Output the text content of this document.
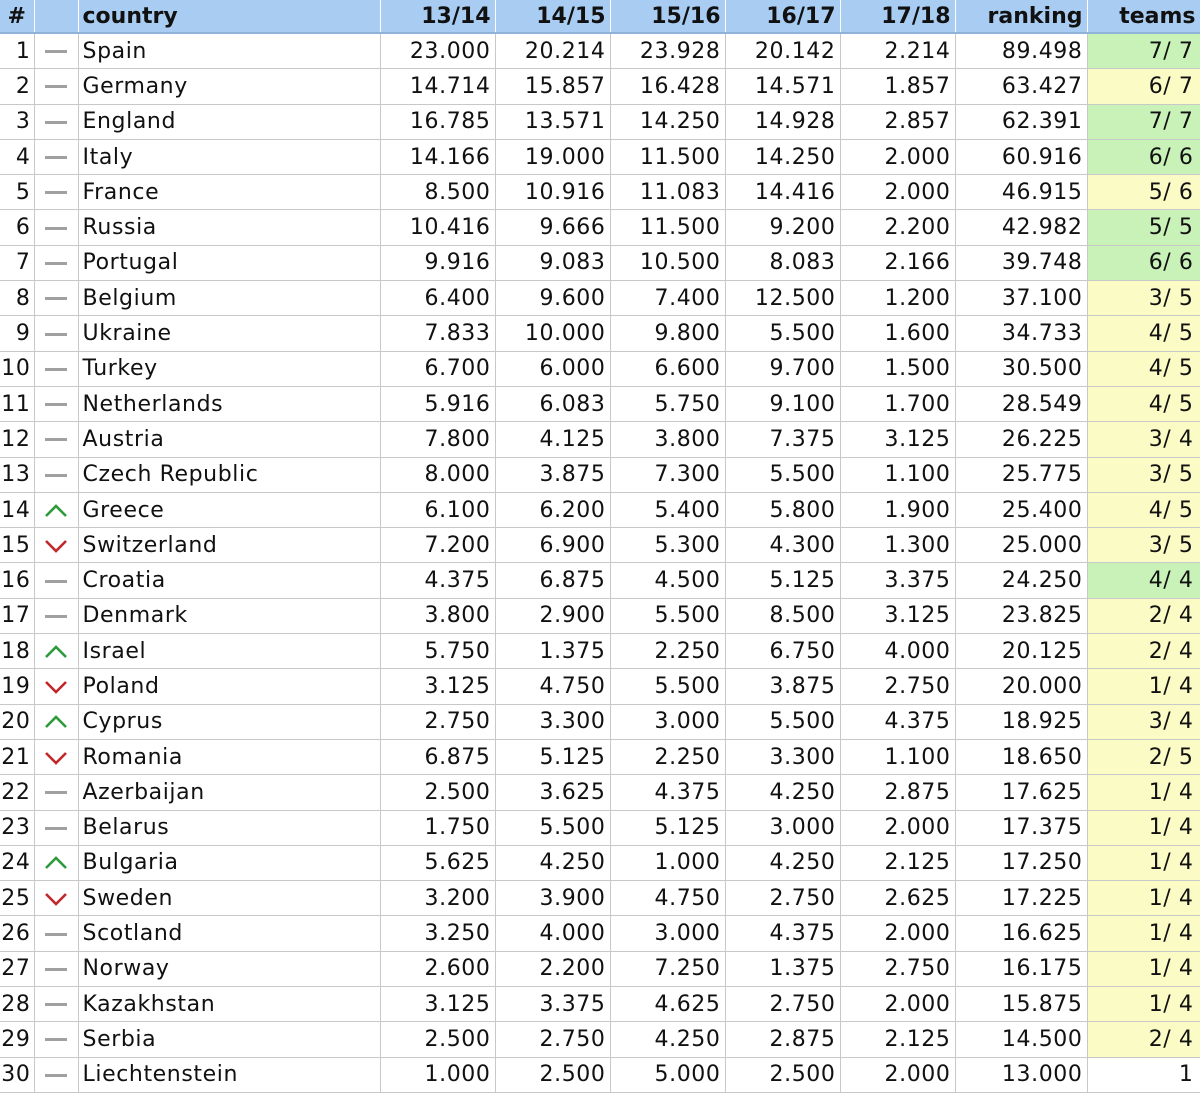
#		country	13/14	14/15	15/16	16/17	17/18	ranking	teams
1		Spain	23.000	20.214	23.928	20.142	2.214	89.498	7/ 7
2		Germany	14.714	15.857	16.428	14.571	1.857	63.427	6/ 7
3		England	16.785	13.571	14.250	14.928	2.857	62.391	7/ 7
4		Italy	14.166	19.000	11.500	14.250	2.000	60.916	6/ 6
5		France	8.500	10.916	11.083	14.416	2.000	46.915	5/ 6
6		Russia	10.416	9.666	11.500	9.200	2.200	42.982	5/ 5
7		Portugal	9.916	9.083	10.500	8.083	2.166	39.748	6/ 6
8		Belgium	6.400	9.600	7.400	12.500	1.200	37.100	3/ 5
9		Ukraine	7.833	10.000	9.800	5.500	1.600	34.733	4/ 5
10		Turkey	6.700	6.000	6.600	9.700	1.500	30.500	4/ 5
11		Netherlands	5.916	6.083	5.750	9.100	1.700	28.549	4/ 5
12		Austria	7.800	4.125	3.800	7.375	3.125	26.225	3/ 4
13		Czech Republic	8.000	3.875	7.300	5.500	1.100	25.775	3/ 5
14		Greece	6.100	6.200	5.400	5.800	1.900	25.400	4/ 5
15		Switzerland	7.200	6.900	5.300	4.300	1.300	25.000	3/ 5
16		Croatia	4.375	6.875	4.500	5.125	3.375	24.250	4/ 4
17		Denmark	3.800	2.900	5.500	8.500	3.125	23.825	2/ 4
18		Israel	5.750	1.375	2.250	6.750	4.000	20.125	2/ 4
19		Poland	3.125	4.750	5.500	3.875	2.750	20.000	1/ 4
20		Cyprus	2.750	3.300	3.000	5.500	4.375	18.925	3/ 4
21		Romania	6.875	5.125	2.250	3.300	1.100	18.650	2/ 5
22		Azerbaijan	2.500	3.625	4.375	4.250	2.875	17.625	1/ 4
23		Belarus	1.750	5.500	5.125	3.000	2.000	17.375	1/ 4
24		Bulgaria	5.625	4.250	1.000	4.250	2.125	17.250	1/ 4
25		Sweden	3.200	3.900	4.750	2.750	2.625	17.225	1/ 4
26		Scotland	3.250	4.000	3.000	4.375	2.000	16.625	1/ 4
27		Norway	2.600	2.200	7.250	1.375	2.750	16.175	1/ 4
28		Kazakhstan	3.125	3.375	4.625	2.750	2.000	15.875	1/ 4
29		Serbia	2.500	2.750	4.250	2.875	2.125	14.500	2/ 4
30		Liechtenstein	1.000	2.500	5.000	2.500	2.000	13.000	1
